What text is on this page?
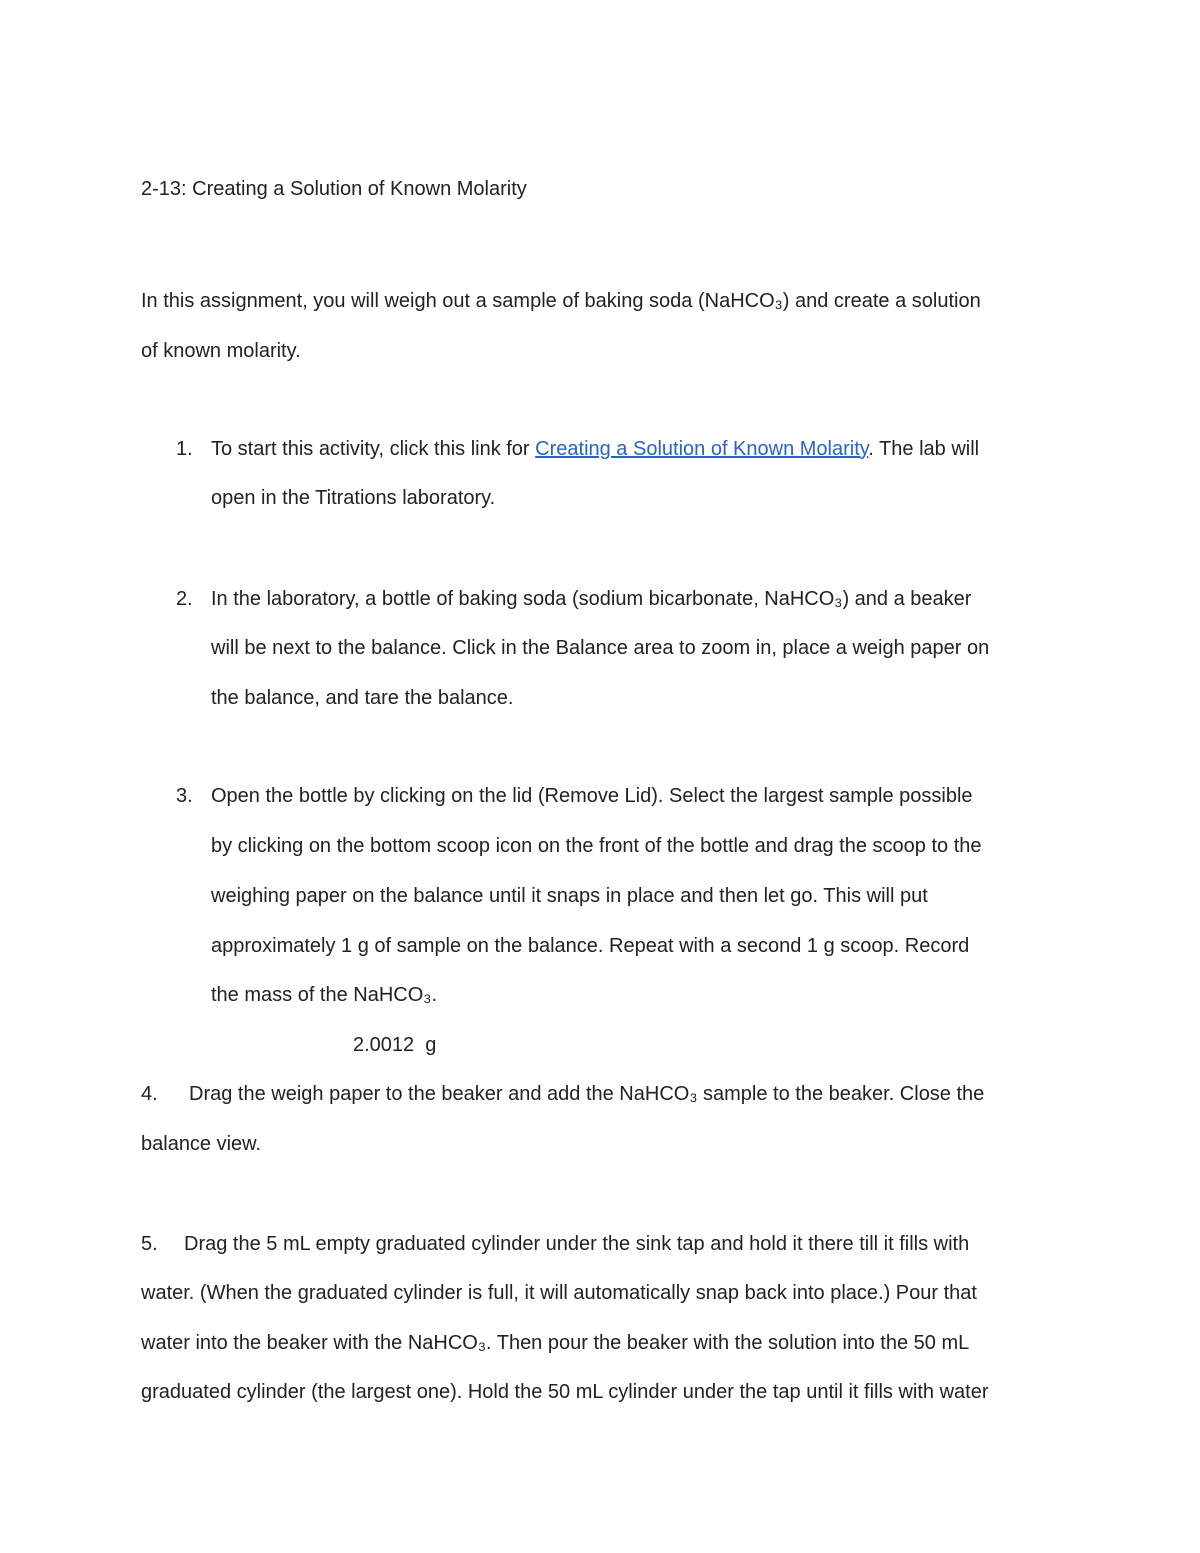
2-13: Creating a Solution of Known Molarity

In this assignment, you will weigh out a sample of baking soda (NaHCO₃) and create a solution

of known molarity.

1. To start this activity, click this link for Creating a Solution of Known Molarity. The lab will

open in the Titrations laboratory.

2. In the laboratory, a bottle of baking soda (sodium bicarbonate, NaHCO₃) and a beaker

will be next to the balance. Click in the Balance area to zoom in, place a weigh paper on

the balance, and tare the balance.

3. Open the bottle by clicking on the lid (Remove Lid). Select the largest sample possible

by clicking on the bottom scoop icon on the front of the bottle and drag the scoop to the

weighing paper on the balance until it snaps in place and then let go. This will put

approximately 1 g of sample on the balance. Repeat with a second 1 g scoop. Record

the mass of the NaHCO₃.

2.0012  g

4. Drag the weigh paper to the beaker and add the NaHCO₃ sample to the beaker. Close the

balance view.

5. Drag the 5 mL empty graduated cylinder under the sink tap and hold it there till it fills with

water. (When the graduated cylinder is full, it will automatically snap back into place.) Pour that

water into the beaker with the NaHCO₃. Then pour the beaker with the solution into the 50 mL

graduated cylinder (the largest one). Hold the 50 mL cylinder under the tap until it fills with water
